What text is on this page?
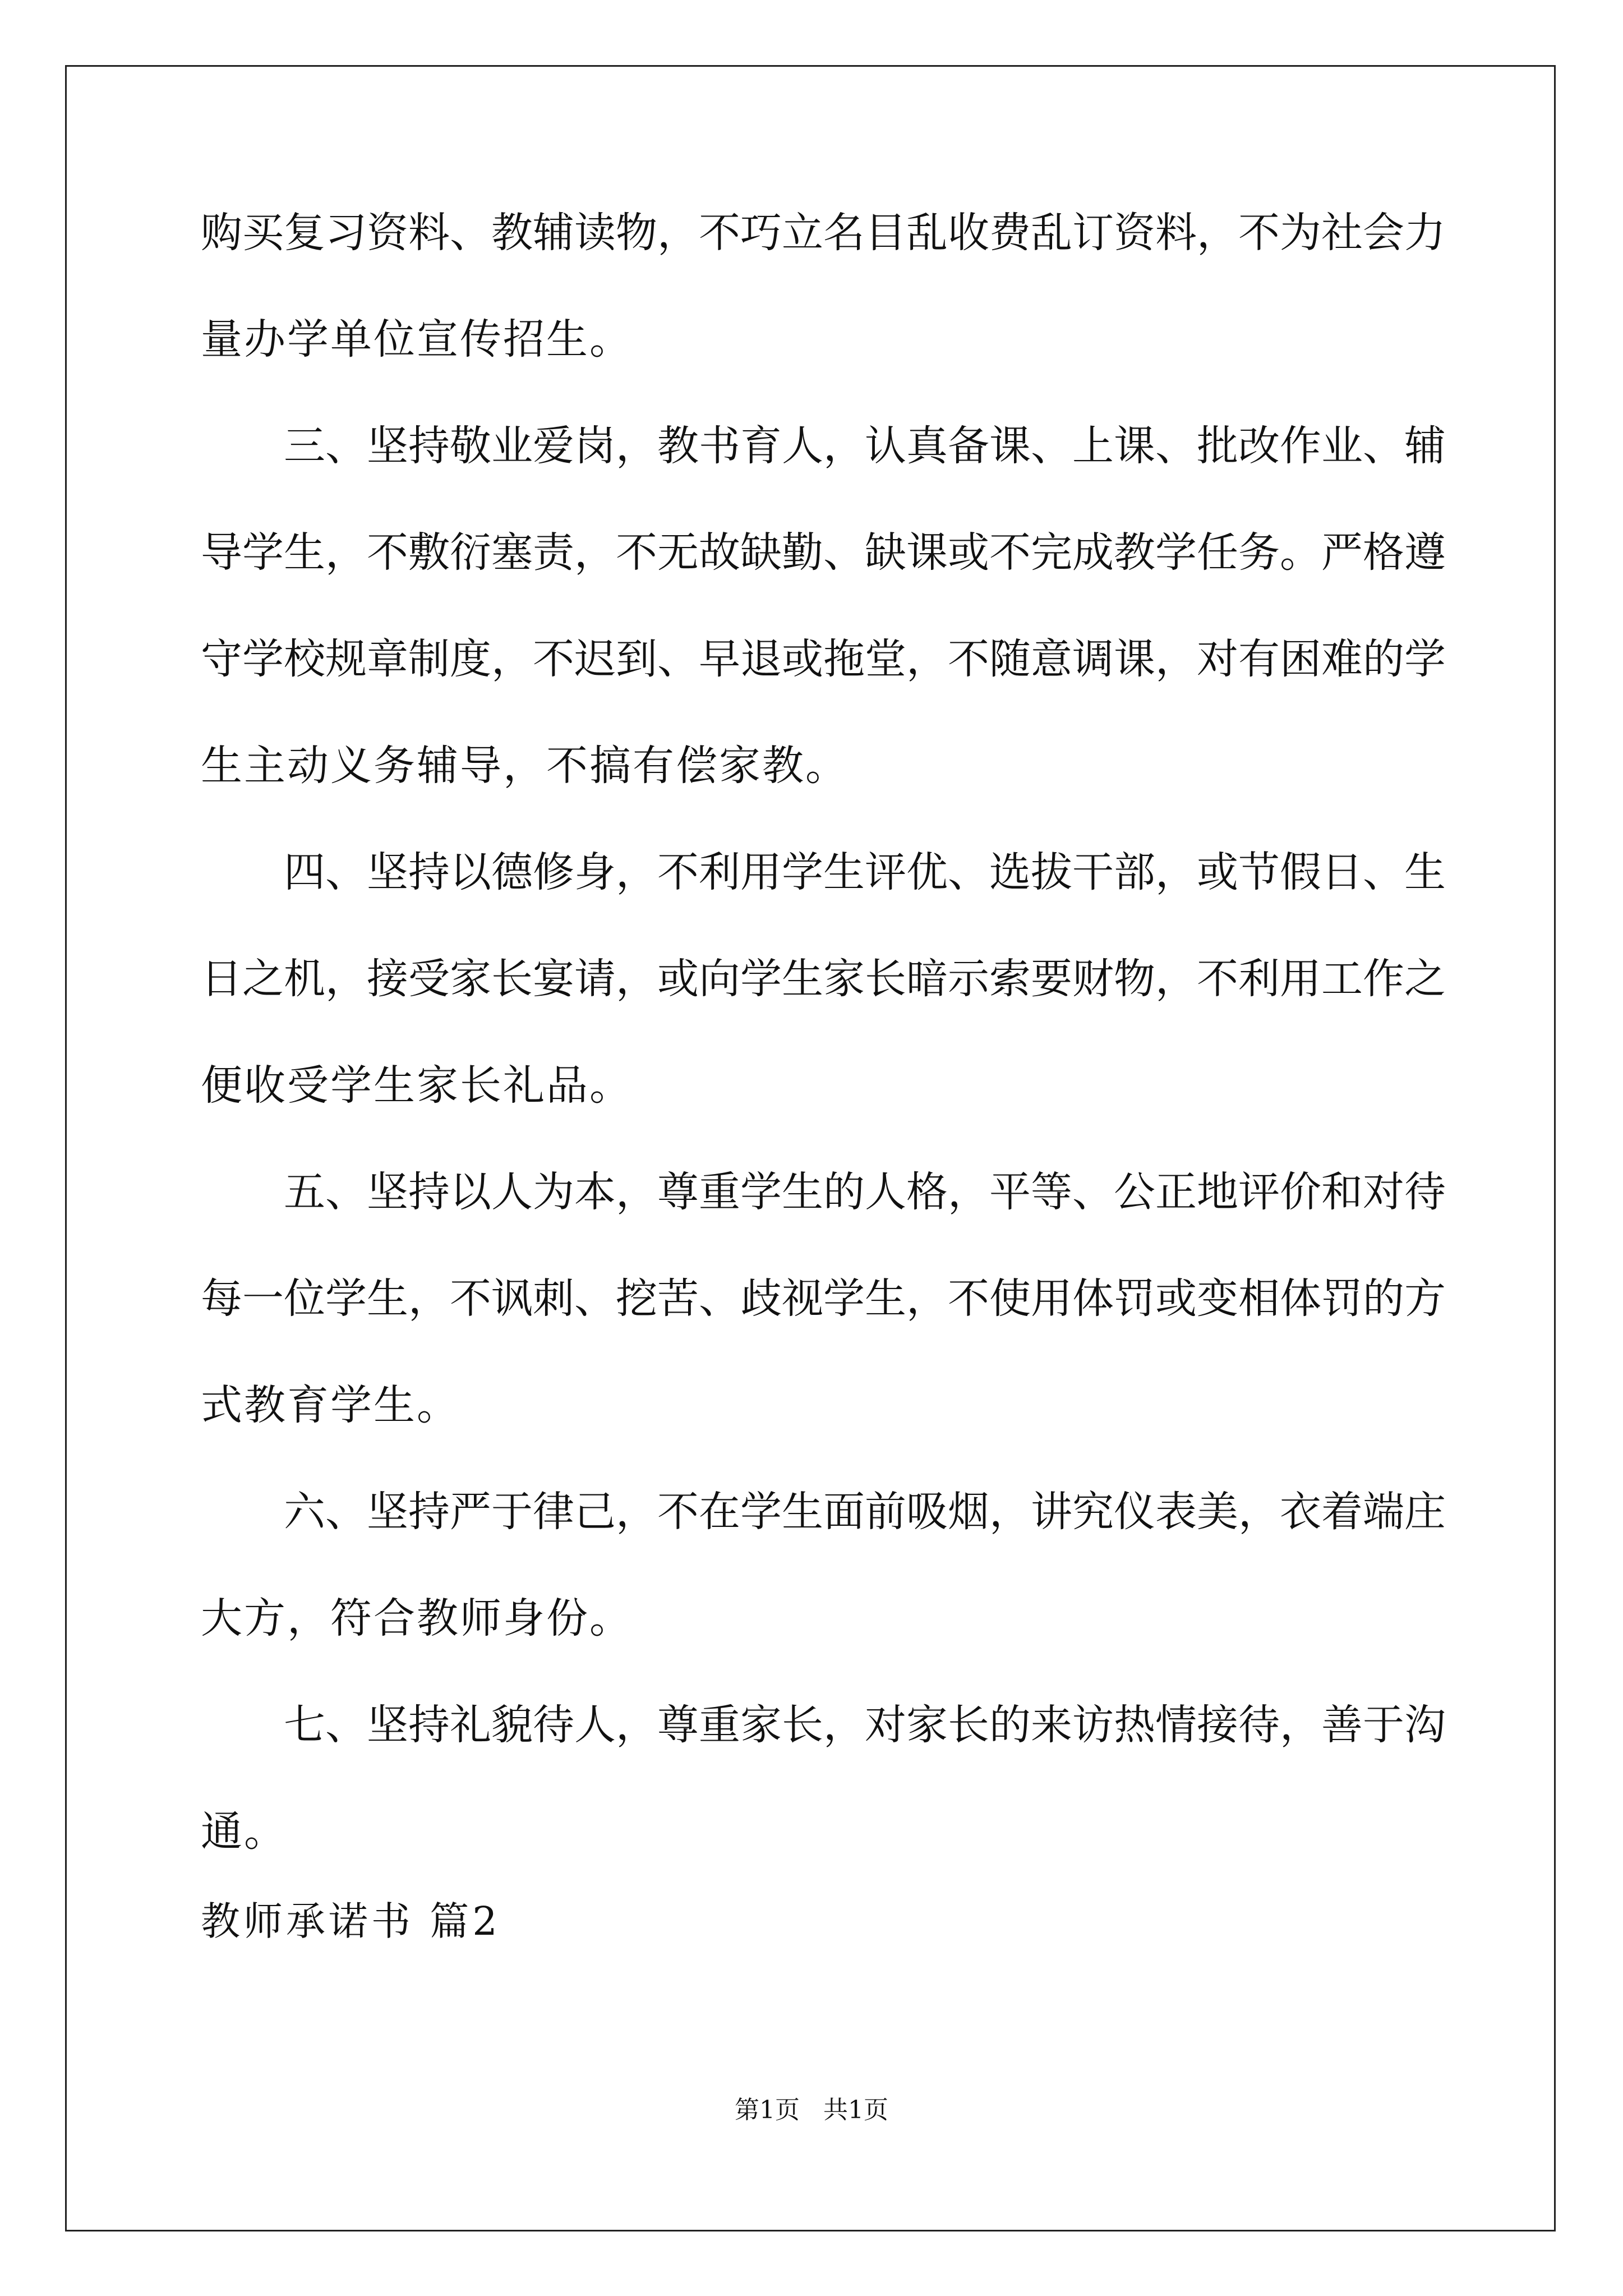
购买复习资料、教辅读物，不巧立名目乱收费乱订资料，不为社会力
量办学单位宣传招生。
三、坚持敬业爱岗，教书育人，认真备课、上课、批改作业、辅
导学生，不敷衍塞责，不无故缺勤、缺课或不完成教学任务。严格遵
守学校规章制度，不迟到、早退或拖堂，不随意调课，对有困难的学
生主动义务辅导，不搞有偿家教。
四、坚持以德修身，不利用学生评优、选拔干部，或节假日、生
日之机，接受家长宴请，或向学生家长暗示索要财物，不利用工作之
便收受学生家长礼品。
五、坚持以人为本，尊重学生的人格，平等、公正地评价和对待
每一位学生，不讽刺、挖苦、歧视学生，不使用体罚或变相体罚的方
式教育学生。
六、坚持严于律己，不在学生面前吸烟，讲究仪表美，衣着端庄
大方，符合教师身份。
七、坚持礼貌待人，尊重家长，对家长的来访热情接待，善于沟
通。
教师承诺书 篇2
第1页   共1页
